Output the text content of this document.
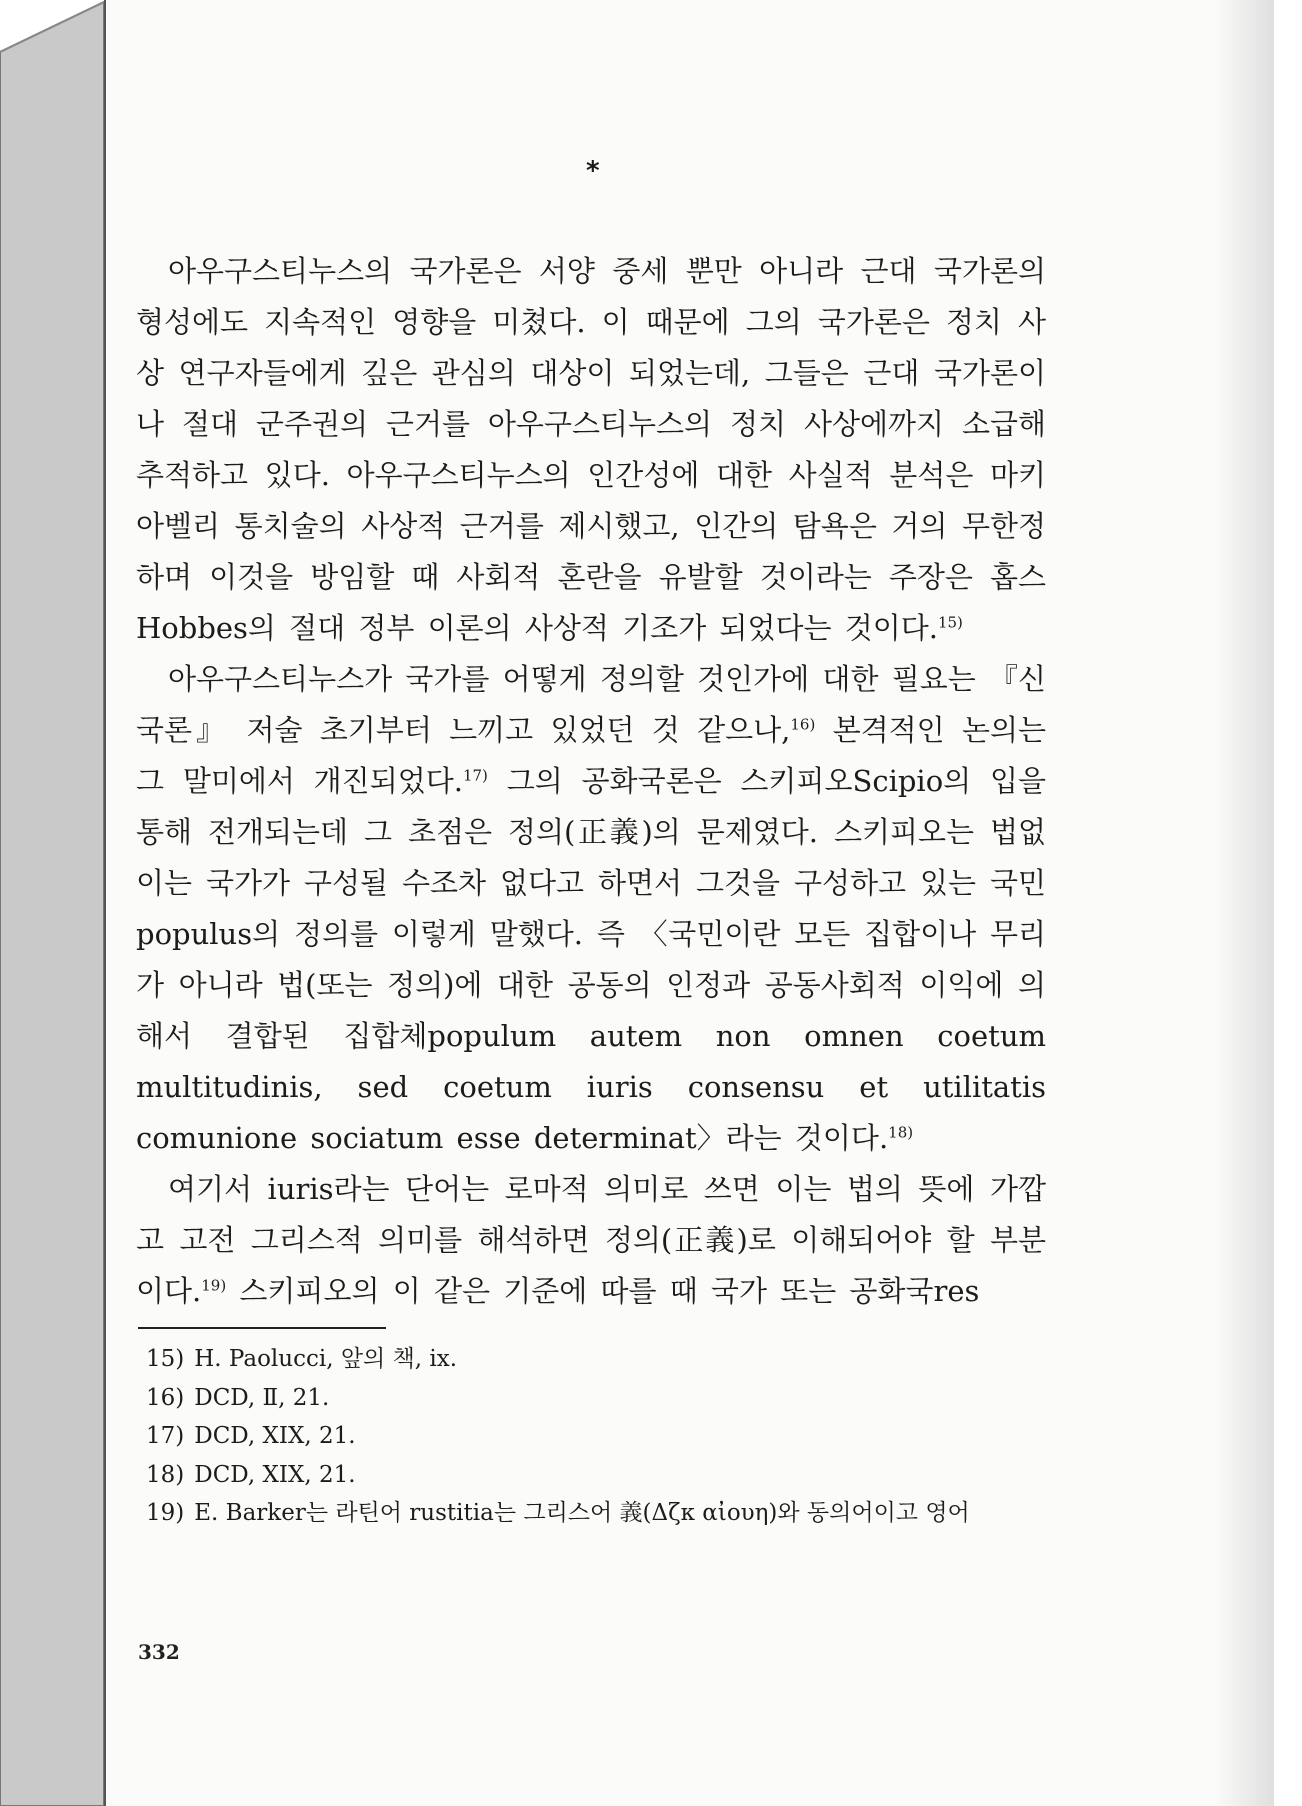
*

아우구스티누스의 국가론은 서양 중세 뿐만 아니라 근대 국가론의 형성에도 지속적인 영향을 미쳤다. 이 때문에 그의 국가론은 정치 사상 연구자들에게 깊은 관심의 대상이 되었는데, 그들은 근대 국가론이나 절대 군주권의 근거를 아우구스티누스의 정치 사상에까지 소급해 추적하고 있다. 아우구스티누스의 인간성에 대한 사실적 분석은 마키아벨리 통치술의 사상적 근거를 제시했고, 인간의 탐욕은 거의 무한정하며 이것을 방임할 때 사회적 혼란을 유발할 것이라는 주장은 홉스Hobbes의 절대 정부 이론의 사상적 기조가 되었다는 것이다.$^{15)}$

아우구스티누스가 국가를 어떻게 정의할 것인가에 대한 필요는 『신국론』 저술 초기부터 느끼고 있었던 것 같으나,$^{16)}$ 본격적인 논의는 그 말미에서 개진되었다.$^{17)}$ 그의 공화국론은 스키피오Scipio의 입을 통해 전개되는데 그 초점은 정의(正義)의 문제였다. 스키피오는 법없이는 국가가 구성될 수조차 없다고 하면서 그것을 구성하고 있는 국민populus의 정의를 이렇게 말했다. 즉 〈국민이란 모든 집합이나 무리가 아니라 법(또는 정의)에 대한 공동의 인정과 공동사회적 이익에 의해서 결합된 집합체populum autem non omnen coetum multitudinis, sed coetum iuris consensu et utilitatis comunione sociatum esse determinat〉라는 것이다.$^{18)}$

여기서 iuris라는 단어는 로마적 의미로 쓰면 이는 법의 뜻에 가깝고 고전 그리스적 의미를 해석하면 정의(正義)로 이해되어야 할 부분이다.$^{19)}$ 스키피오의 이 같은 기준에 따를 때 국가 또는 공화국res

15) H. Paolucci, 앞의 책, ix.
16) DCD, Ⅱ, 21.
17) DCD, XIX, 21.
18) DCD, XIX, 21.
19) E. Barker는 라틴어 rustitia는 그리스어 義(Δζκ αἰουη)와 동의어이고 영어
332
